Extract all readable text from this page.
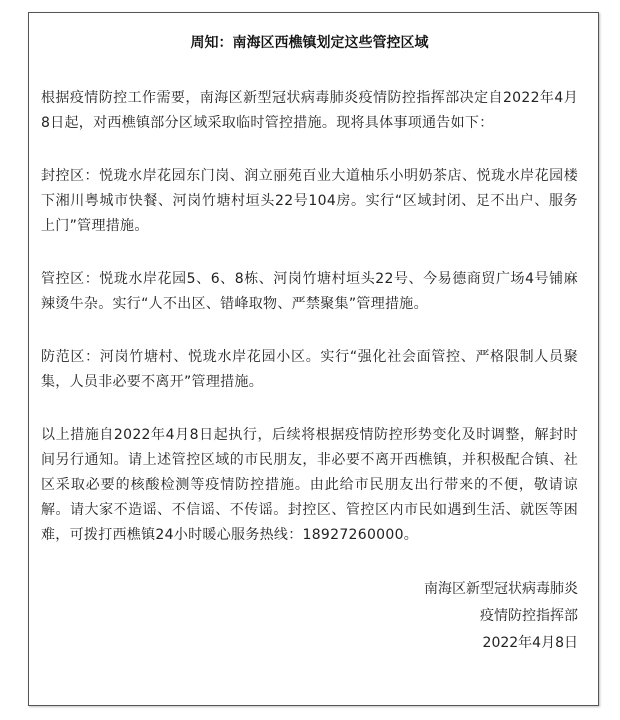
周知：南海区西樵镇划定这些管控区域

根据疫情防控工作需要，南海区新型冠状病毒肺炎疫情防控指挥部决定自2022年4月8日起，对西樵镇部分区域采取临时管控措施。现将具体事项通告如下：

封控区：悦珑水岸花园东门岗、润立丽苑百业大道柚乐小明奶茶店、悦珑水岸花园楼下湘川粤城市快餐、河岗竹塘村垣头22号104房。实行“区域封闭、足不出户、服务上门”管理措施。

管控区：悦珑水岸花园5、6、8栋、河岗竹塘村垣头22号、今易德商贸广场4号铺麻辣烫牛杂。实行“人不出区、错峰取物、严禁聚集”管理措施。

防范区：河岗竹塘村、悦珑水岸花园小区。实行“强化社会面管控、严格限制人员聚集，人员非必要不离开”管理措施。

以上措施自2022年4月8日起执行，后续将根据疫情防控形势变化及时调整，解封时间另行通知。请上述管控区域的市民朋友，非必要不离开西樵镇，并积极配合镇、社区采取必要的核酸检测等疫情防控措施。由此给市民朋友出行带来的不便，敬请谅解。请大家不造谣、不信谣、不传谣。封控区、管控区内市民如遇到生活、就医等困难，可拨打西樵镇24小时暖心服务热线：18927260000。

南海区新型冠状病毒肺炎
疫情防控指挥部
2022年4月8日
